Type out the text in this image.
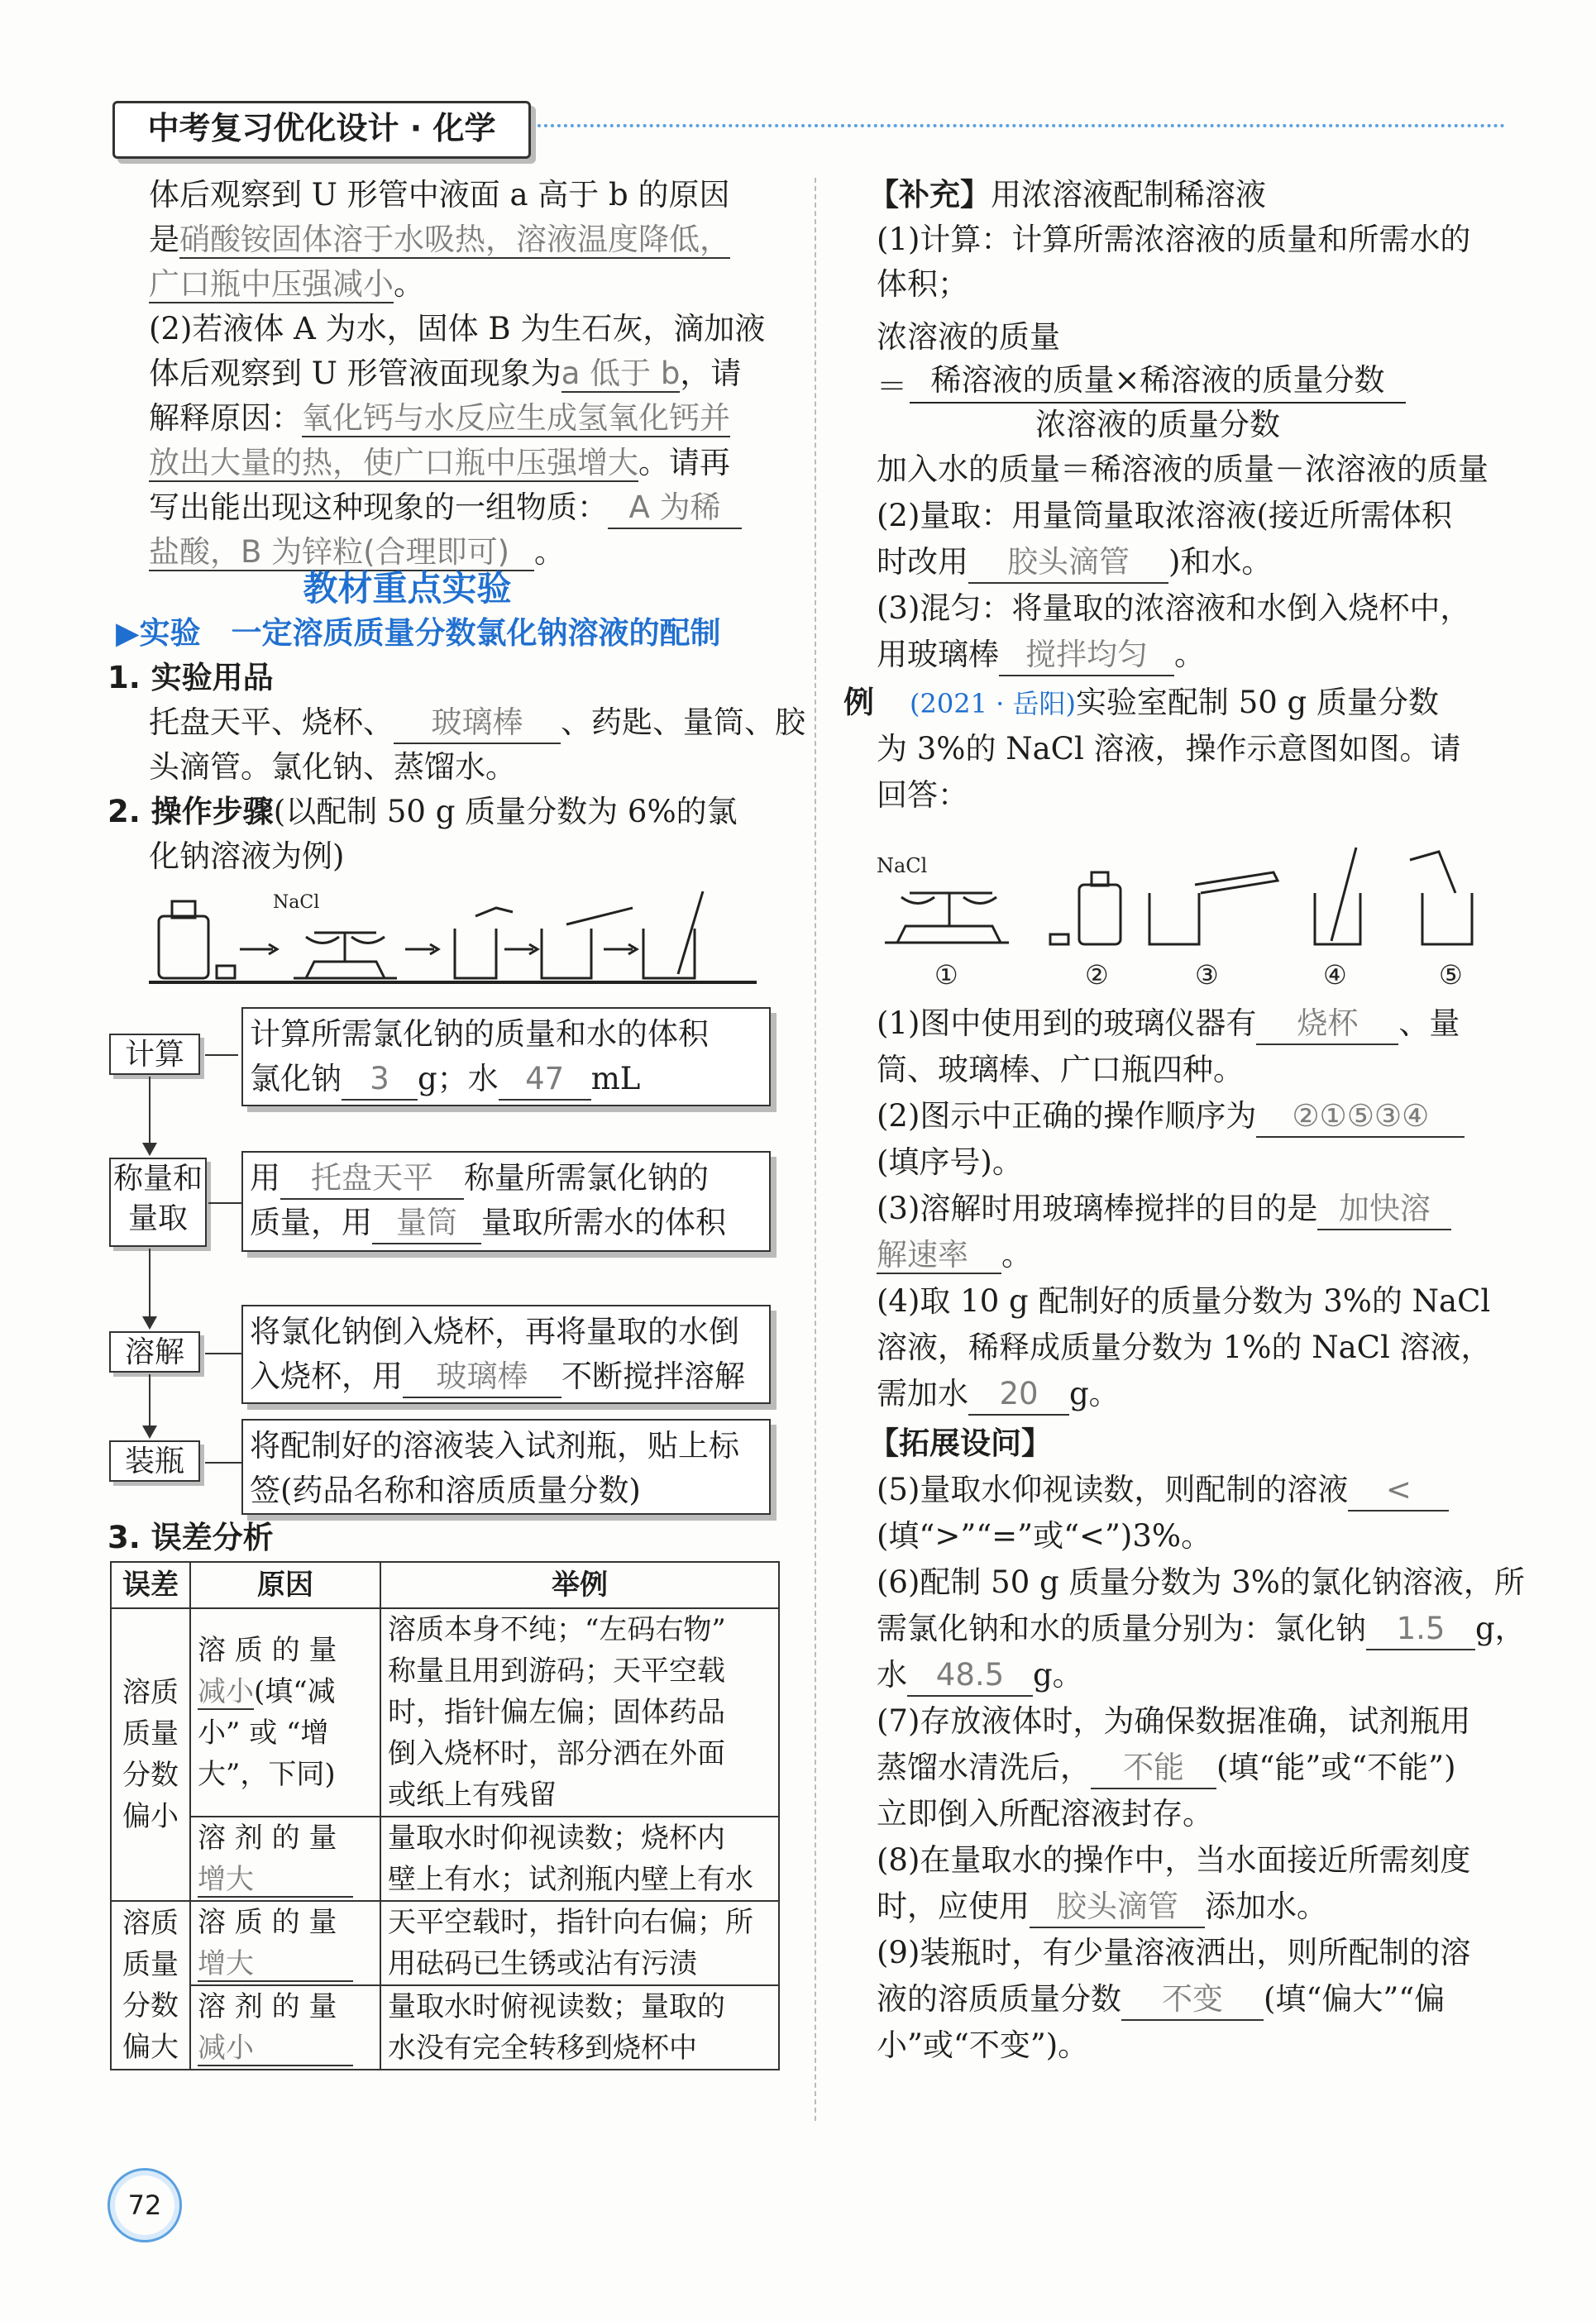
中考复习优化设计 · 化学
体后观察到 U 形管中液面 a 高于 b 的原因
是硝酸铵固体溶于水吸热，溶液温度降低，
广口瓶中压强减小。
(2)若液体 A 为水，固体 B 为生石灰，滴加液
体后观察到 U 形管液面现象为a 低于 b，请
解释原因：氧化钙与水反应生成氢氧化钙并
放出大量的热，使广口瓶中压强增大。请再
写出能出现这种现象的一组物质： A 为稀
盐酸，B 为锌粒(合理即可) 。
教材重点实验
▶实验　一定溶质质量分数氯化钠溶液的配制
1. 实验用品
托盘天平、烧杯、 玻璃棒 、药匙、量筒、胶
头滴管。氯化钠、蒸馏水。
2. 操作步骤(以配制 50 g 质量分数为 6%的氯
化钠溶液为例)
NaCl
计算
计算所需氯化钠的质量和水的体积
氯化钠 3 g；水 47 mL
称量和
量取
用 托盘天平 称量所需氯化钠的
质量，用 量筒 量取所需水的体积
溶解
将氯化钠倒入烧杯，再将量取的水倒
入烧杯，用 玻璃棒 不断搅拌溶解
装瓶	将配制好的溶液装入试剂瓶，贴上标
签(药品名称和溶质质量分数)
3. 误差分析
误差	原因	举例
溶质
质量
分数
偏小	溶 质 的 量
减小(填“减
小” 或 “增
大”，下同)	溶质本身不纯；“左码右物”
称量且用到游码；天平空载
时，指针偏左偏；固体药品
倒入烧杯时，部分洒在外面
或纸上有残留
	溶 剂 的 量
增大	量取水时仰视读数；烧杯内
壁上有水；试剂瓶内壁上有水
溶质
质量
分数
偏大	溶 质 的 量
增大	天平空载时，指针向右偏；所
用砝码已生锈或沾有污渍
	溶 剂 的 量
减小	量取水时俯视读数；量取的
水没有完全转移到烧杯中
72
【补充】用浓溶液配制稀溶液
(1)计算：计算所需浓溶液的质量和所需水的
体积；
浓溶液的质量
＝ 稀溶液的质量×稀溶液的质量分数
浓溶液的质量分数
加入水的质量＝稀溶液的质量－浓溶液的质量
(2)量取：用量筒量取浓溶液(接近所需体积
时改用 胶头滴管 )和水。
(3)混匀：将量取的浓溶液和水倒入烧杯中，
用玻璃棒 搅拌均匀 。
例 (2021 · 岳阳)实验室配制 50 g 质量分数
为 3%的 NaCl 溶液，操作示意图如图。请
回答：
NaCl
①	②	③	④	⑤
(1)图中使用到的玻璃仪器有 烧杯 、量
筒、玻璃棒、广口瓶四种。
(2)图示中正确的操作顺序为 ②①⑤③④
(填序号)。
(3)溶解时用玻璃棒搅拌的目的是 加快溶
解速率 。
(4)取 10 g 配制好的质量分数为 3%的 NaCl
溶液，稀释成质量分数为 1%的 NaCl 溶液，
需加水 20 g。
【拓展设问】
(5)量取水仰视读数，则配制的溶液 <
(填“>”“=”或“<”)3%。
(6)配制 50 g 质量分数为 3%的氯化钠溶液，所
需氯化钠和水的质量分别为：氯化钠 1.5 g，
水 48.5 g。
(7)存放液体时，为确保数据准确，试剂瓶用
蒸馏水清洗后， 不能 (填“能”或“不能”)
立即倒入所配溶液封存。
(8)在量取水的操作中，当水面接近所需刻度
时，应使用 胶头滴管 添加水。
(9)装瓶时，有少量溶液洒出，则所配制的溶
液的溶质质量分数 不变 (填“偏大”“偏
小”或“不变”)。
